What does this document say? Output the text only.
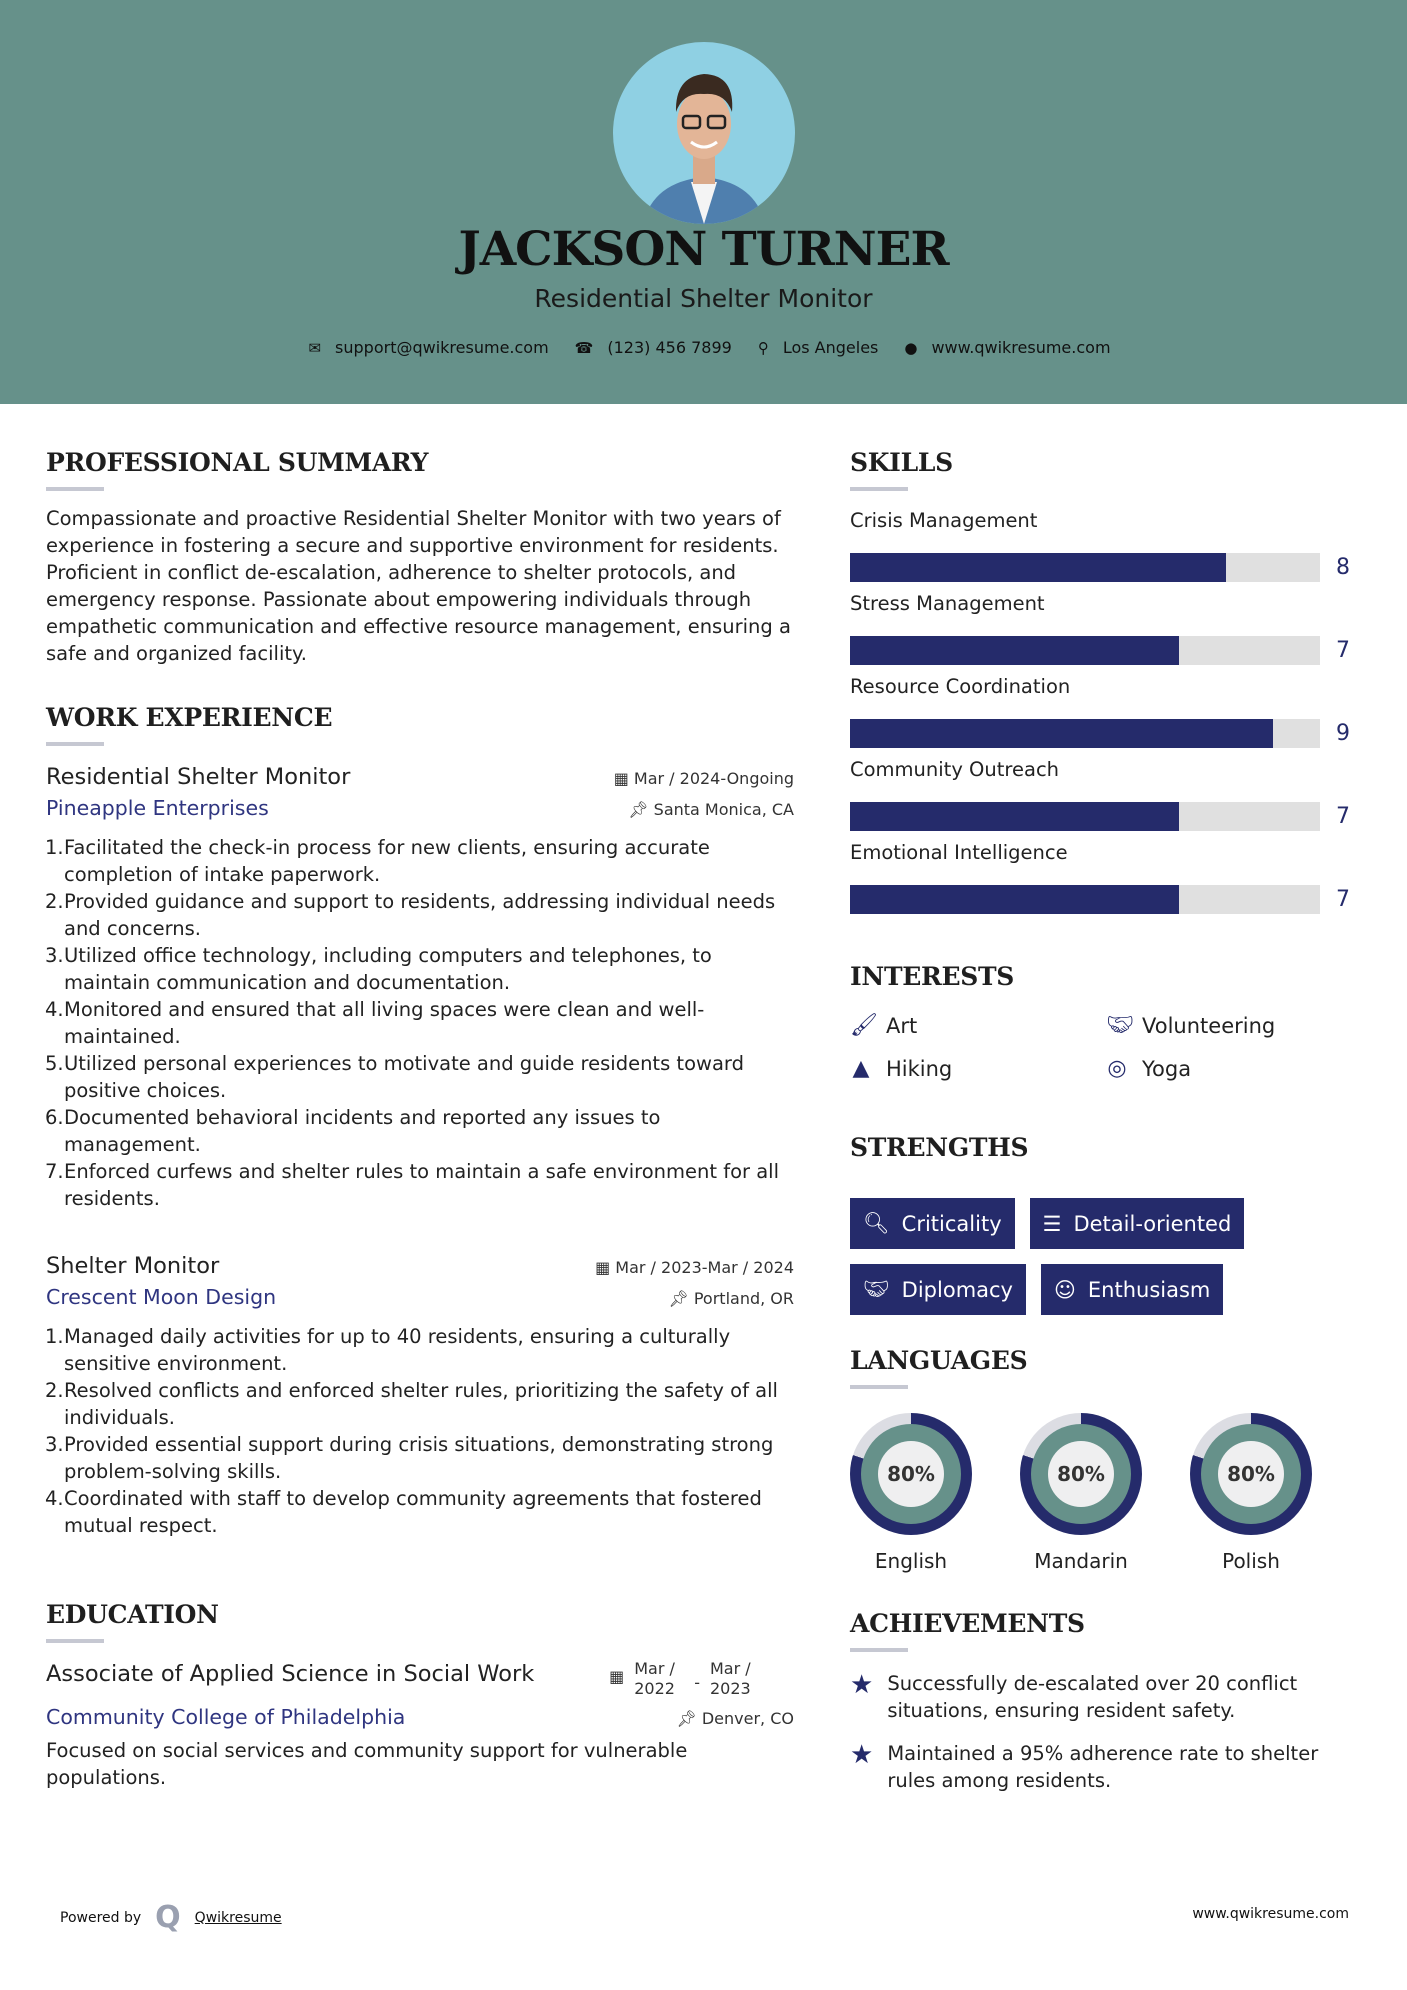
JACKSON TURNER
Residential Shelter Monitor
✉ support@qwikresume.com ☎ (123) 456 7899 ⚲ Los Angeles ● www.qwikresume.com
PROFESSIONAL SUMMARY

Compassionate and proactive Residential Shelter Monitor with two years of experience in fostering a secure and supportive environment for residents. Proficient in conflict de-escalation, adherence to shelter protocols, and emergency response. Passionate about empowering individuals through empathetic communication and effective resource management, ensuring a safe and organized facility.

WORK EXPERIENCE
Residential Shelter Monitor	▦ Mar / 2024-Ongoing
Pineapple Enterprises	📌︎ Santa Monica, CA
1. Facilitated the check-in process for new clients, ensuring accurate completion of intake paperwork.
2. Provided guidance and support to residents, addressing individual needs and concerns.
3. Utilized office technology, including computers and telephones, to maintain communication and documentation.
4. Monitored and ensured that all living spaces were clean and well-maintained.
5. Utilized personal experiences to motivate and guide residents toward positive choices.
6. Documented behavioral incidents and reported any issues to management.
7. Enforced curfews and shelter rules to maintain a safe environment for all residents.
Shelter Monitor	▦ Mar / 2023-Mar / 2024
Crescent Moon Design	📌︎ Portland, OR
1. Managed daily activities for up to 40 residents, ensuring a culturally sensitive environment.
2. Resolved conflicts and enforced shelter rules, prioritizing the safety of all individuals.
3. Provided essential support during crisis situations, demonstrating strong problem-solving skills.
4. Coordinated with staff to develop community agreements that fostered mutual respect.
EDUCATION
Associate of Applied Science in Social Work	▦ Mar / 2022	-
Mar / 2023
Community College of Philadelphia	📌︎ Denver, CO

Focused on social services and community support for vulnerable populations.

SKILLS
Crisis Management
8
Stress Management
7
Resource Coordination
9
Community Outreach
7
Emotional Intelligence
7
INTERESTS
🖌︎ Art	🤝︎ Volunteering
▲ Hiking	◎ Yoga
STRENGTHS
🔍︎ Criticality ☰ Detail-oriented
🤝︎ Diplomacy ☺ Enthusiasm
LANGUAGES
80%
English
80%
Mandarin
80%
Polish
ACHIEVEMENTS
★ Successfully de-escalated over 20 conflict situations, ensuring resident safety.
★ Maintained a 95% adherence rate to shelter rules among residents.
Powered by Q Qwikresume	www.qwikresume.com
